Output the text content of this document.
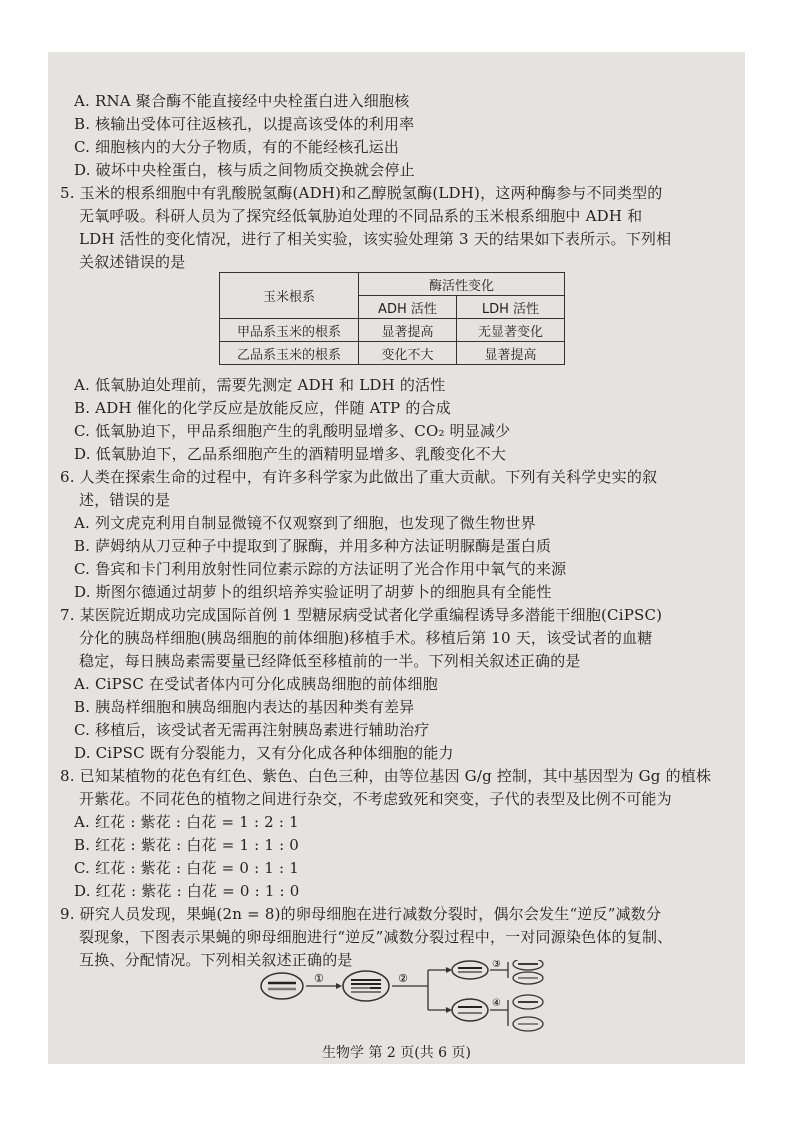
A. RNA 聚合酶不能直接经中央栓蛋白进入细胞核
B. 核输出受体可往返核孔，以提高该受体的利用率
C. 细胞核内的大分子物质，有的不能经核孔运出
D. 破坏中央栓蛋白，核与质之间物质交换就会停止
5. 玉米的根系细胞中有乳酸脱氢酶(ADH)和乙醇脱氢酶(LDH)，这两种酶参与不同类型的
无氧呼吸。科研人员为了探究经低氧胁迫处理的不同品系的玉米根系细胞中 ADH 和
LDH 活性的变化情况，进行了相关实验，该实验处理第 3 天的结果如下表所示。下列相
关叙述错误的是
玉米根系	酶活性变化	
	ADH 活性	LDH 活性
甲品系玉米的根系	显著提高	无显著变化
乙品系玉米的根系	变化不大	显著提高
A. 低氧胁迫处理前，需要先测定 ADH 和 LDH 的活性
B. ADH 催化的化学反应是放能反应，伴随 ATP 的合成
C. 低氧胁迫下，甲品系细胞产生的乳酸明显增多、CO₂ 明显减少
D. 低氧胁迫下，乙品系细胞产生的酒精明显增多、乳酸变化不大
6. 人类在探索生命的过程中，有许多科学家为此做出了重大贡献。下列有关科学史实的叙
述，错误的是
A. 列文虎克利用自制显微镜不仅观察到了细胞，也发现了微生物世界
B. 萨姆纳从刀豆种子中提取到了脲酶，并用多种方法证明脲酶是蛋白质
C. 鲁宾和卡门利用放射性同位素示踪的方法证明了光合作用中氧气的来源
D. 斯图尔德通过胡萝卜的组织培养实验证明了胡萝卜的细胞具有全能性
7. 某医院近期成功完成国际首例 1 型糖尿病受试者化学重编程诱导多潜能干细胞(CiPSC)
分化的胰岛样细胞(胰岛细胞的前体细胞)移植手术。移植后第 10 天，该受试者的血糖
稳定，每日胰岛素需要量已经降低至移植前的一半。下列相关叙述正确的是
A. CiPSC 在受试者体内可分化成胰岛细胞的前体细胞
B. 胰岛样细胞和胰岛细胞内表达的基因种类有差异
C. 移植后，该受试者无需再注射胰岛素进行辅助治疗
D. CiPSC 既有分裂能力，又有分化成各种体细胞的能力
8. 已知某植物的花色有红色、紫色、白色三种，由等位基因 G/g 控制，其中基因型为 Gg 的植株
开紫花。不同花色的植物之间进行杂交，不考虑致死和突变，子代的表型及比例不可能为
A. 红花 : 紫花 : 白花 = 1 : 2 : 1
B. 红花 : 紫花 : 白花 = 1 : 1 : 0
C. 红花 : 紫花 : 白花 = 0 : 1 : 1
D. 红花 : 紫花 : 白花 = 0 : 1 : 0
9. 研究人员发现，果蝇(2n = 8)的卵母细胞在进行减数分裂时，偶尔会发生“逆反”减数分
裂现象，下图表示果蝇的卵母细胞进行“逆反”减数分裂过程中，一对同源染色体的复制、
互换、分配情况。下列相关叙述正确的是
①	②
③
④
生物学 第 2 页(共 6 页)
